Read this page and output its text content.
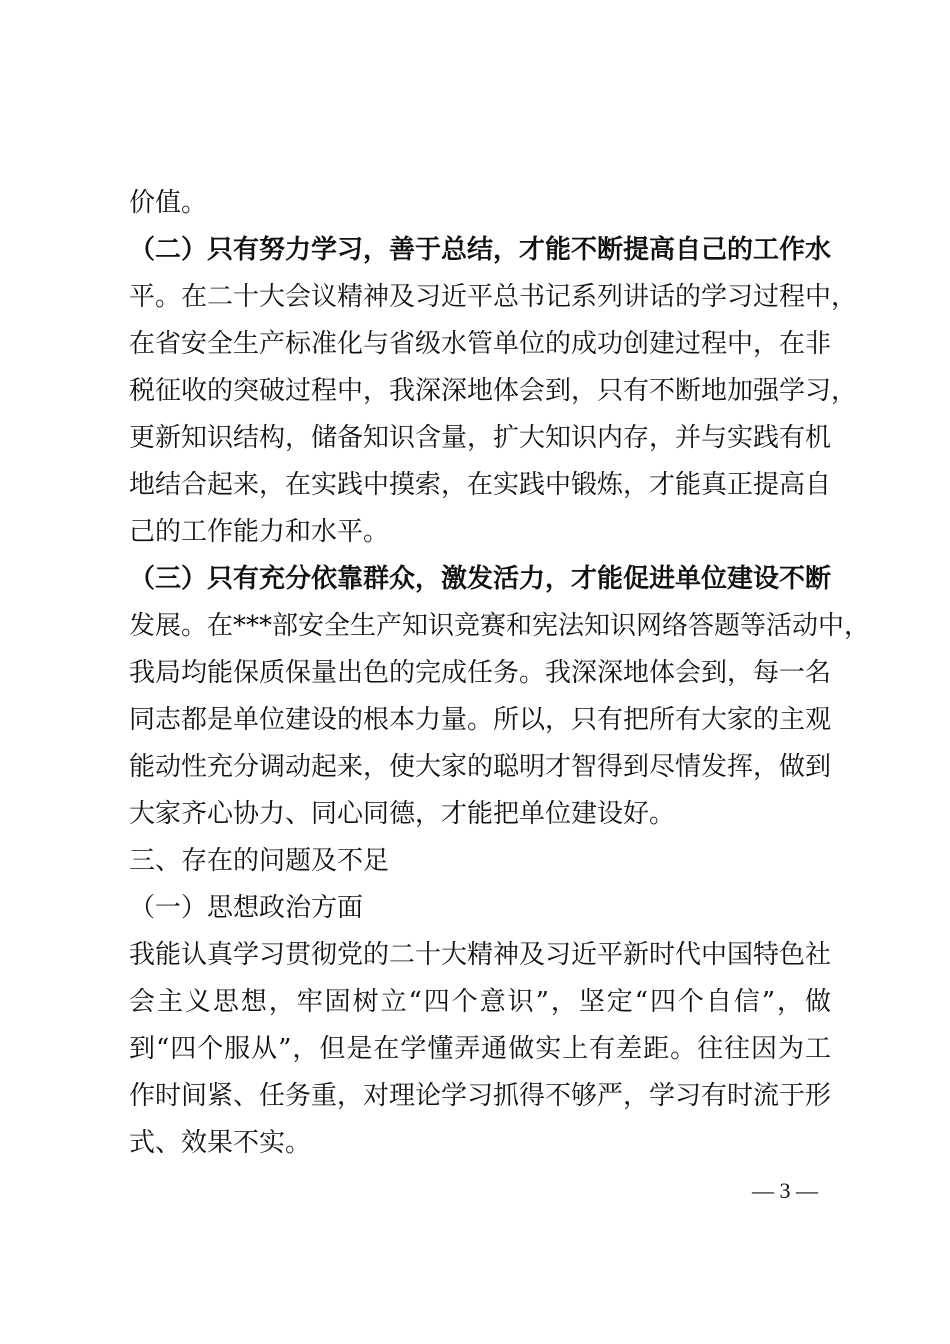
价值。
（二）只有努力学习，善于总结，才能不断提高自己的工作水
平。在二十大会议精神及习近平总书记系列讲话的学习过程中，
在省安全生产标准化与省级水管单位的成功创建过程中，在非
税征收的突破过程中，我深深地体会到，只有不断地加强学习，
更新知识结构，储备知识含量，扩大知识内存，并与实践有机
地结合起来，在实践中摸索，在实践中锻炼，才能真正提高自
己的工作能力和水平。
（三）只有充分依靠群众，激发活力，才能促进单位建设不断
发展。在***部安全生产知识竞赛和宪法知识网络答题等活动中，
我局均能保质保量出色的完成任务。我深深地体会到，每一名
同志都是单位建设的根本力量。所以，只有把所有大家的主观
能动性充分调动起来，使大家的聪明才智得到尽情发挥，做到
大家齐心协力、同心同德，才能把单位建设好。
三、存在的问题及不足
（一）思想政治方面
我能认真学习贯彻党的二十大精神及习近平新时代中国特色社
会主义思想，牢固树立“四个意识”，坚定“四个自信”，做
到“四个服从”，但是在学懂弄通做实上有差距。往往因为工
作时间紧、任务重，对理论学习抓得不够严，学习有时流于形
式、效果不实。
— 3 —
